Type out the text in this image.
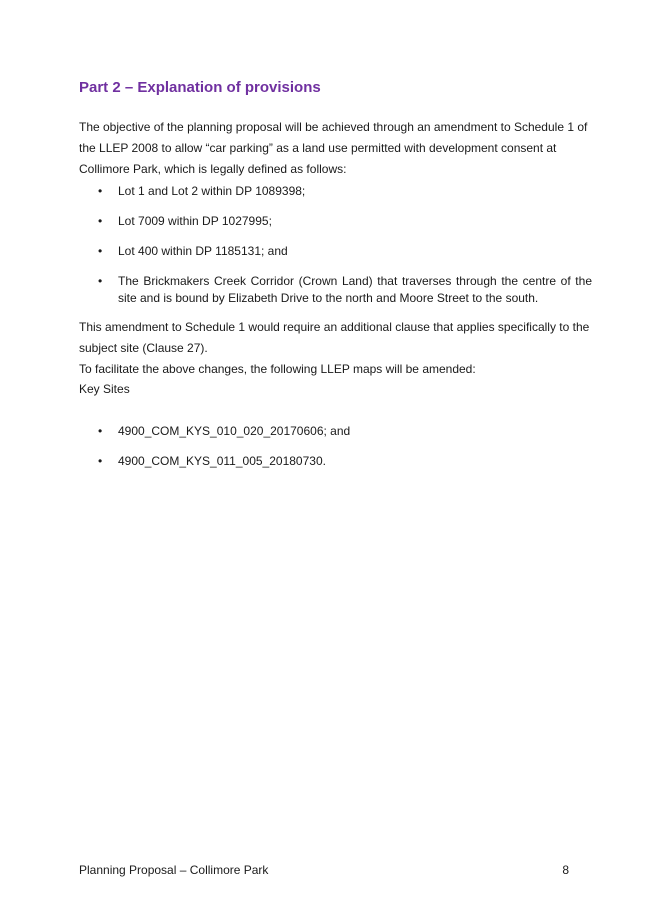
Part 2 – Explanation of provisions

The objective of the planning proposal will be achieved through an amendment to Schedule 1 of the LLEP 2008 to allow “car parking” as a land use permitted with development consent at Collimore Park, which is legally defined as follows:

• Lot 1 and Lot 2 within DP 1089398;
• Lot 7009 within DP 1027995;
• Lot 400 within DP 1185131; and
• The Brickmakers Creek Corridor (Crown Land) that traverses through the centre of the site and is bound by Elizabeth Drive to the north and Moore Street to the south.

This amendment to Schedule 1 would require an additional clause that applies specifically to the subject site (Clause 27).

To facilitate the above changes, the following LLEP maps will be amended:

Key Sites

• 4900_COM_KYS_010_020_20170606; and
• 4900_COM_KYS_011_005_20180730.
Planning Proposal – Collimore Park	8
